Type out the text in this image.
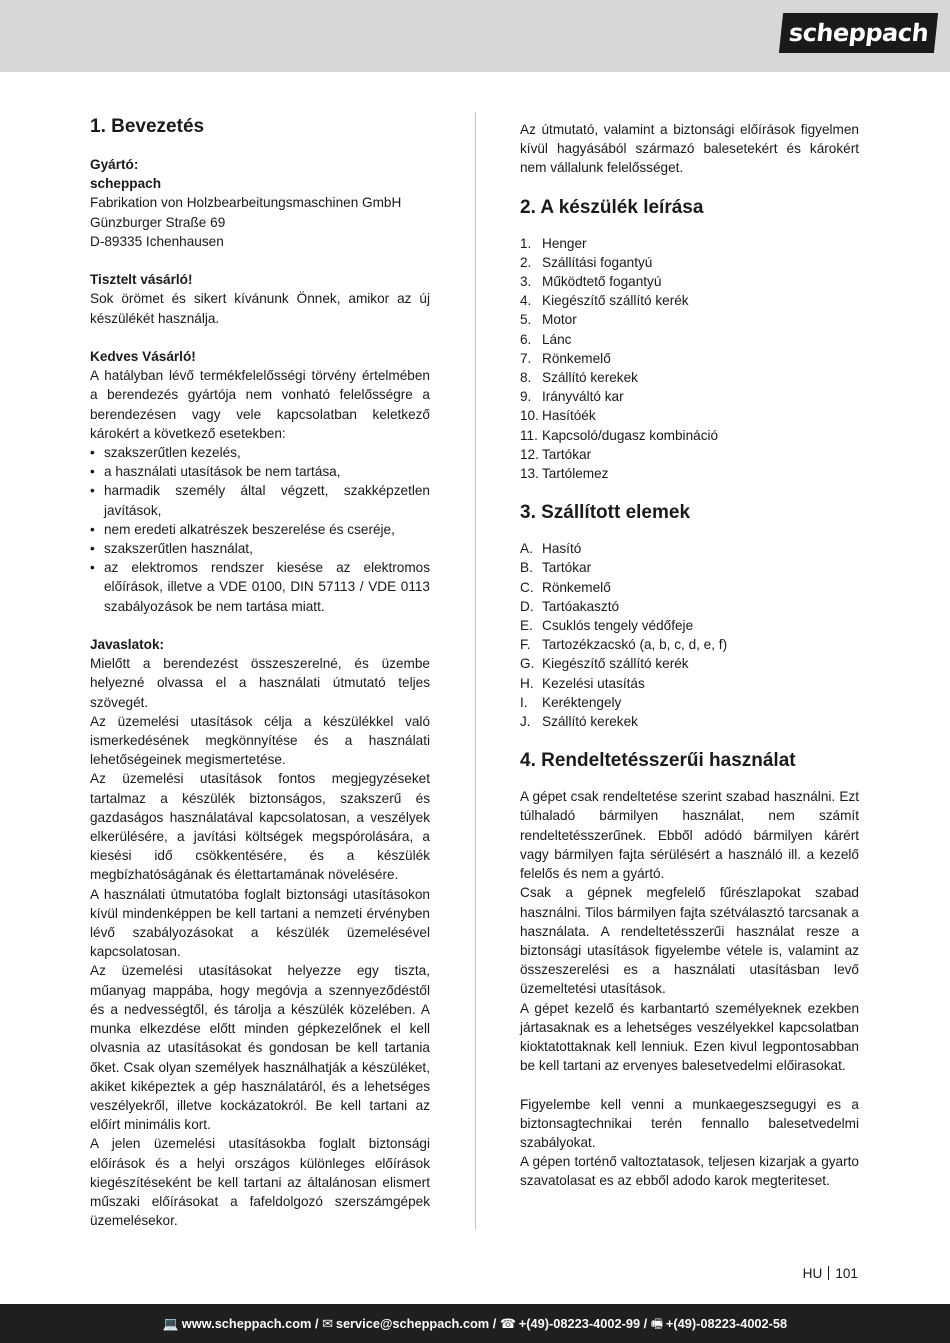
scheppach
1. Bevezetés
Gyártó:
scheppach
Fabrikation von Holzbearbeitungsmaschinen GmbH
Günzburger Straße 69
D-89335 Ichenhausen
Tisztelt vásárló!

Sok örömet és sikert kívánunk Önnek, amikor az új készülékét használja.

Kedves Vásárló!

A hatályban lévő termékfelelősségi törvény értelmében a berendezés gyártója nem vonható felelősségre a berendezésen vagy vele kapcsolatban keletkező károkért a következő esetekben:

• szakszerűtlen kezelés,

• a használati utasítások be nem tartása,

• harmadik személy által végzett, szakképzetlen javítások,

• nem eredeti alkatrészek beszerelése és cseréje,

• szakszerűtlen használat,

• az elektromos rendszer kiesése az elektromos előírások, illetve a VDE 0100, DIN 57113 / VDE 0113 szabályozások be nem tartása miatt.

Javaslatok:

Mielőtt a berendezést összeszerelné, és üzembe helyezné olvassa el a használati útmutató teljes szövegét.

Az üzemelési utasítások célja a készülékkel való ismerkedésének megkönnyítése és a használati lehetőségeinek megismertetése.

Az üzemelési utasítások fontos megjegyzéseket tartalmaz a készülék biztonságos, szakszerű és gazdaságos használatával kapcsolatosan, a veszélyek elkerülésére, a javítási költségek megspórolására, a kiesési idő csökkentésére, és a készülék megbízhatóságának és élettartamának növelésére.

A használati útmutatóba foglalt biztonsági utasításokon kívül mindenképpen be kell tartani a nemzeti érvényben lévő szabályozásokat a készülék üzemelésével kapcsolatosan.

Az üzemelési utasításokat helyezze egy tiszta, műanyag mappába, hogy megóvja a szennyeződéstől és a nedvességtől, és tárolja a készülék közelében. A munka elkezdése előtt minden gépkezelőnek el kell olvasnia az utasításokat és gondosan be kell tartania őket. Csak olyan személyek használhatják a készüléket, akiket kiképeztek a gép használatáról, és a lehetséges veszélyekről, illetve kockázatokról. Be kell tartani az előírt minimális kort.

A jelen üzemelési utasításokba foglalt biztonsági előírások és a helyi országos különleges előírások kiegészítéseként be kell tartani az általánosan elismert műszaki előírásokat a fafeldolgozó szerszámgépek üzemelésekor.

Az útmutató, valamint a biztonsági előírások figyelmen kívül hagyásából származó balesetekért és károkért nem vállalunk felelősséget.

2. A készülék leírása
1. Henger
2. Szállítási fogantyú
3. Működtető fogantyú
4. Kiegészítő szállító kerék
5. Motor
6. Lánc
7. Rönkemelő
8. Szállító kerekek
9. Irányváltó kar
10. Hasítóék
11. Kapcsoló/dugasz kombináció
12. Tartókar
13. Tartólemez
3. Szállított elemek
A. Hasító
B. Tartókar
C. Rönkemelő
D. Tartóakasztó
E. Csuklós tengely védőfeje
F. Tartozékzacskó (a, b, c, d, e, f)
G. Kiegészítő szállító kerék
H. Kezelési utasítás
I.	Keréktengely
J. Szállító kerekek
4. Rendeltetésszerűi használat

A gépet csak rendeltetése szerint szabad használni. Ezt túlhaladó bármilyen használat, nem számít rendeltetésszerűnek. Ebből adódó bármilyen kárért vagy bármilyen fajta sérülésért a használó ill. a kezelő felelős és nem a gyártó.

Csak a gépnek megfelelő fűrészlapokat szabad használni. Tilos bármilyen fajta szétválasztó tarcsanak a használata. A rendeltetésszerűi használat resze a biztonsági utasítások figyelembe vétele is, valamint az összeszerelési es a használati utasításban levő üzemeltetési utasítások.

A gépet kezelő és karbantartó személyeknek ezekben jártasaknak es a lehetséges veszélyekkel kapcsolatban kioktatottaknak kell lenniuk. Ezen kivul legpontosabban be kell tartani az ervenyes balesetvedelmi előirasokat.

Figyelembe kell venni a munkaegeszsegugyi es a biztonsagtechnikai terén fennallo balesetvedelmi szabályokat.

A gépen torténő valtoztatasok, teljesen kizarjak a gyarto szavatolasat es az ebből adodo karok megteriteset.

HU 101
💻 www.scheppach.com / ✉ service@scheppach.com / ☎ +(49)-08223-4002-99 / 🖷 +(49)-08223-4002-58
